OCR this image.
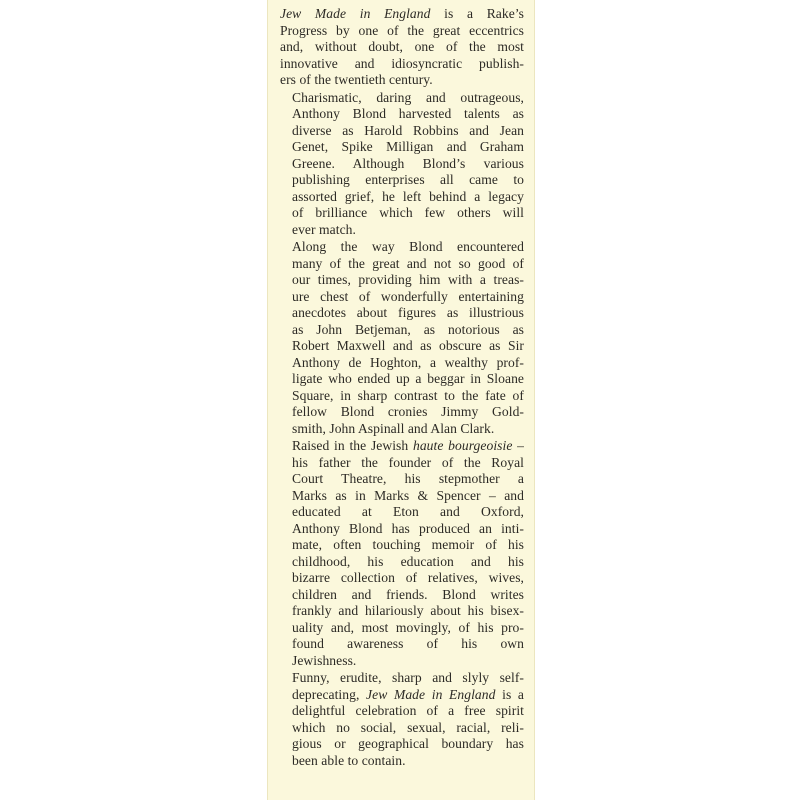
Jew Made in England is a Rake’s
Progress by one of the great eccentrics
and, without doubt, one of the most
innovative and idiosyncratic publish-
ers of the twentieth century.
Charismatic, daring and outrageous,
Anthony Blond harvested talents as
diverse as Harold Robbins and Jean
Genet, Spike Milligan and Graham
Greene. Although Blond’s various
publishing enterprises all came to
assorted grief, he left behind a legacy
of brilliance which few others will
ever match.
Along the way Blond encountered
many of the great and not so good of
our times, providing him with a treas-
ure chest of wonderfully entertaining
anecdotes about figures as illustrious
as John Betjeman, as notorious as
Robert Maxwell and as obscure as Sir
Anthony de Hoghton, a wealthy prof-
ligate who ended up a beggar in Sloane
Square, in sharp contrast to the fate of
fellow Blond cronies Jimmy Gold-
smith, John Aspinall and Alan Clark.
Raised in the Jewish haute bourgeoisie –
his father the founder of the Royal
Court Theatre, his stepmother a
Marks as in Marks & Spencer – and
educated at Eton and Oxford,
Anthony Blond has produced an inti-
mate, often touching memoir of his
childhood, his education and his
bizarre collection of relatives, wives,
children and friends. Blond writes
frankly and hilariously about his bisex-
uality and, most movingly, of his pro-
found awareness of his own
Jewishness.
Funny, erudite, sharp and slyly self-
deprecating, Jew Made in England is a
delightful celebration of a free spirit
which no social, sexual, racial, reli-
gious or geographical boundary has
been able to contain.
